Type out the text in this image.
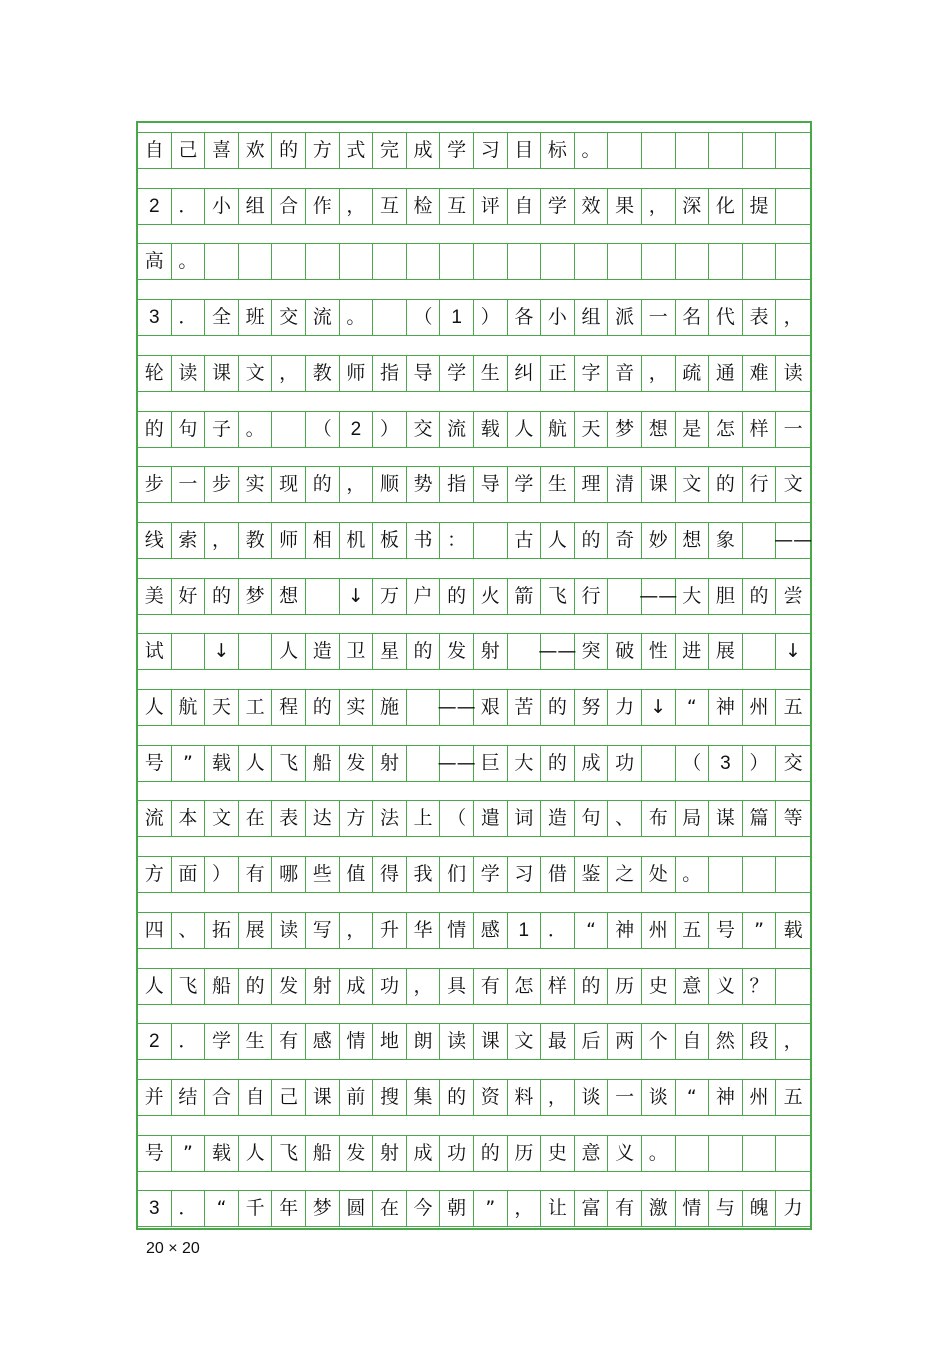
自 己 喜 欢 的 方 式 完 成 学 习 目 标 。
2 ． 小 组 合 作 ， 互 检 互 评 自 学 效 果 ， 深 化 提
高 。
3 ． 全 班 交 流 。	（ 1 ） 各 小 组 派 一 名 代 表 ，
轮 读 课 文 ， 教 师 指 导 学 生 纠 正 字 音 ， 疏 通 难 读
的 句 子 。	（ 2 ） 交 流 载 人 航 天 梦 想 是 怎 样 一
步 一 步 实 现 的 ， 顺 势 指 导 学 生 理 清 课 文 的 行 文
线 索 ， 教 师 相 机 板 书 ：	古 人 的 奇 妙 想 象	——
美 好 的 梦 想	↓ 万 户 的 火 箭 飞 行	—— 大 胆 的 尝
试	↓	人 造 卫 星 的 发 射	—— 突 破 性 进 展	↓
人 航 天 工 程 的 实 施	—— 艰 苦 的 努 力 ↓	“	神 州 五
号	”	载 人 飞 船 发 射	—— 巨 大 的 成 功	（ 3 ） 交
流 本 文 在 表 达 方 法 上 （ 遣 词 造 句 、 布 局 谋 篇 等
方 面 ） 有 哪 些 值 得 我 们 学 习 借 鉴 之 处 。
四 、 拓 展 读 写 ， 升 华 情 感 1 ．	“	神 州 五 号	”	载
人 飞 船 的 发 射 成 功 ， 具 有 怎 样 的 历 史 意 义 ？
2 ． 学 生 有 感 情 地 朗 读 课 文 最 后 两 个 自 然 段 ，
并 结 合 自 己 课 前 搜 集 的 资 料 ， 谈 一 谈	“	神 州 五
号	”	载 人 飞 船 发 射 成 功 的 历 史 意 义 。
3 ．	“	千 年 梦 圆 在 今 朝	”	， 让 富 有 激 情 与 魄 力

20 × 20
